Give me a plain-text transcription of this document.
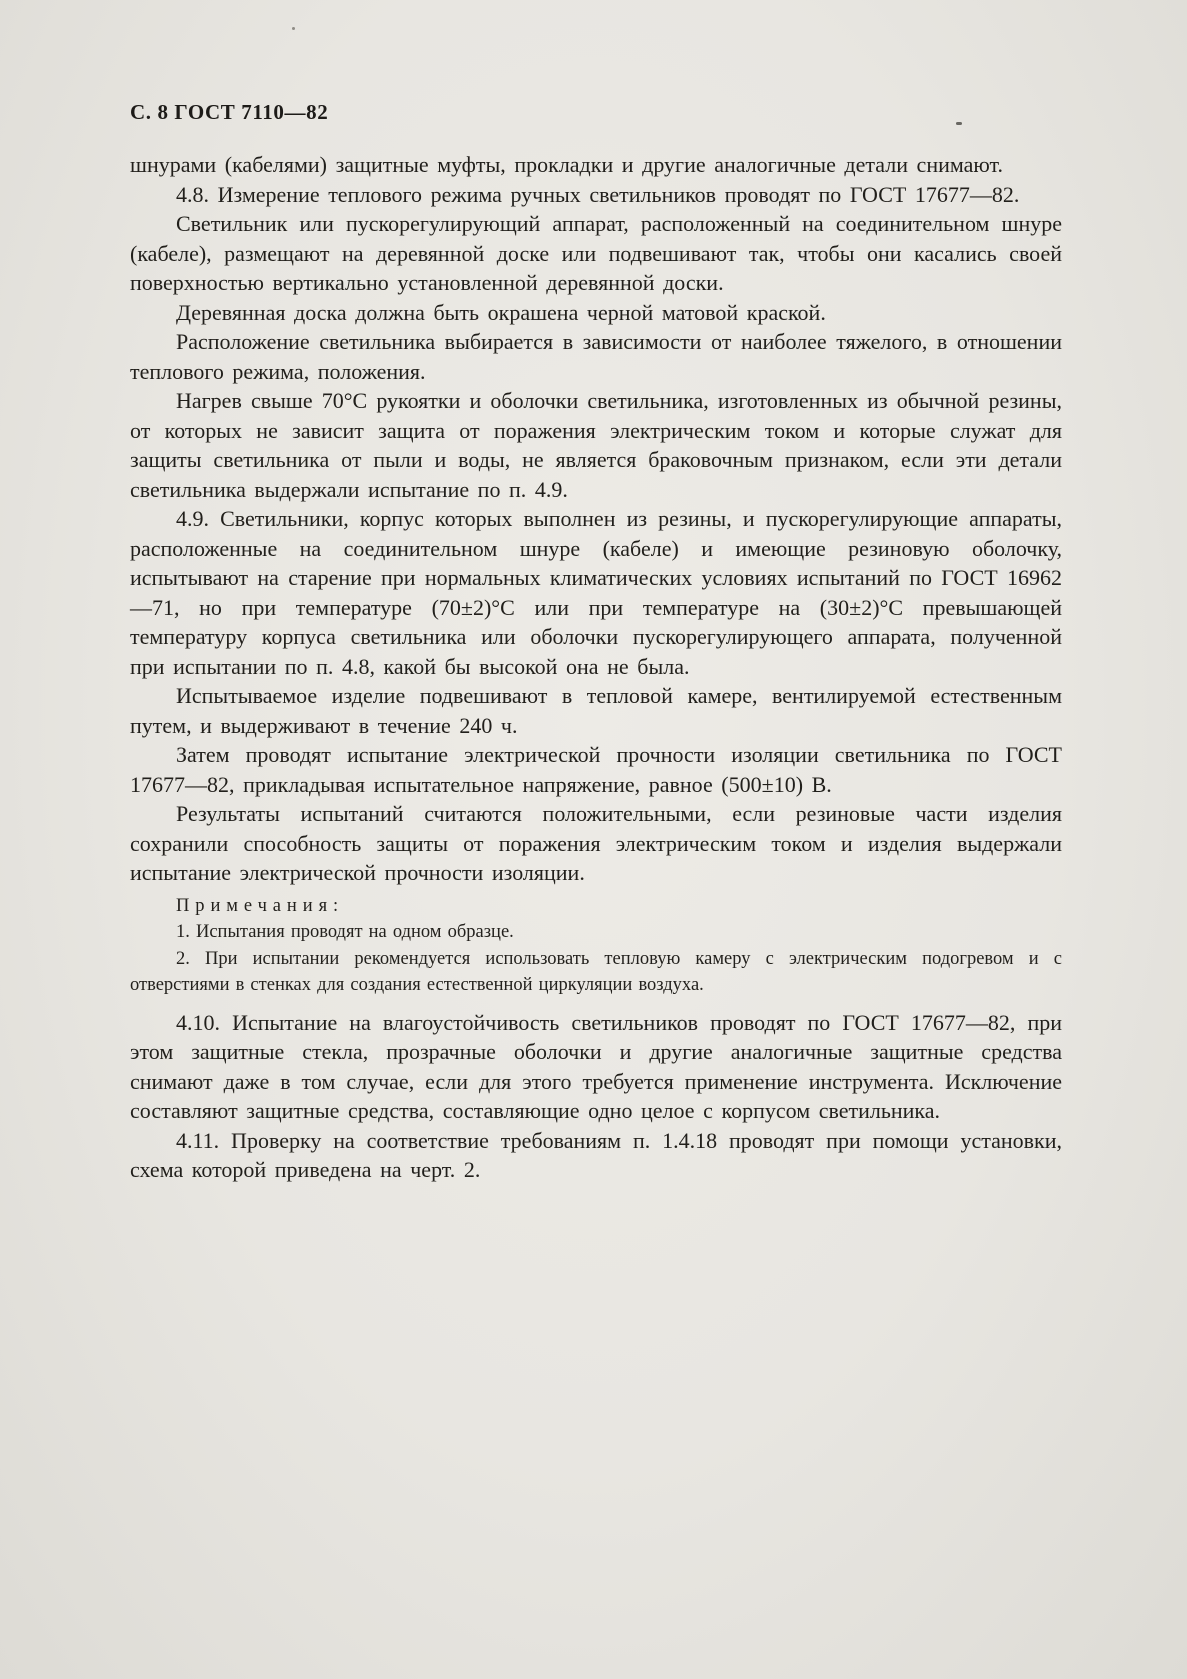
С. 8 ГОСТ 7110—82

шнурами (кабелями) защитные муфты, прокладки и другие аналогичные детали снимают.

4.8. Измерение теплового режима ручных светильников проводят по ГОСТ 17677—82.

Светильник или пускорегулирующий аппарат, расположенный на соединительном шнуре (кабеле), размещают на деревянной доске или подвешивают так, чтобы они касались своей поверхностью вертикально установленной деревянной доски.

Деревянная доска должна быть окрашена черной матовой краской.

Расположение светильника выбирается в зависимости от наиболее тяжелого, в отношении теплового режима, положения.

Нагрев свыше 70°С рукоятки и оболочки светильника, изготовленных из обычной резины, от которых не зависит защита от поражения электрическим током и которые служат для защиты светильника от пыли и воды, не является браковочным признаком, если эти детали светильника выдержали испытание по п. 4.9.

4.9. Светильники, корпус которых выполнен из резины, и пускорегулирующие аппараты, расположенные на соединительном шнуре (кабеле) и имеющие резиновую оболочку, испытывают на старение при нормальных климатических условиях испытаний по ГОСТ 16962—71, но при температуре (70±2)°С или при температуре на (30±2)°С превышающей температуру корпуса светильника или оболочки пускорегулирующего аппарата, полученной при испытании по п. 4.8, какой бы высокой она не была.

Испытываемое изделие подвешивают в тепловой камере, вентилируемой естественным путем, и выдерживают в течение 240 ч.

Затем проводят испытание электрической прочности изоляции светильника по ГОСТ 17677—82, прикладывая испытательное напряжение, равное (500±10) В.

Результаты испытаний считаются положительными, если резиновые части изделия сохранили способность защиты от поражения электрическим током и изделия выдержали испытание электрической прочности изоляции.

Примечания:

1. Испытания проводят на одном образце.

2. При испытании рекомендуется использовать тепловую камеру с электрическим подогревом и с отверстиями в стенках для создания естественной циркуляции воздуха.

4.10. Испытание на влагоустойчивость светильников проводят по ГОСТ 17677—82, при этом защитные стекла, прозрачные оболочки и другие аналогичные защитные средства снимают даже в том случае, если для этого требуется применение инструмента. Исключение составляют защитные средства, составляющие одно целое с корпусом светильника.

4.11. Проверку на соответствие требованиям п. 1.4.18 проводят при помощи установки, схема которой приведена на черт. 2.
